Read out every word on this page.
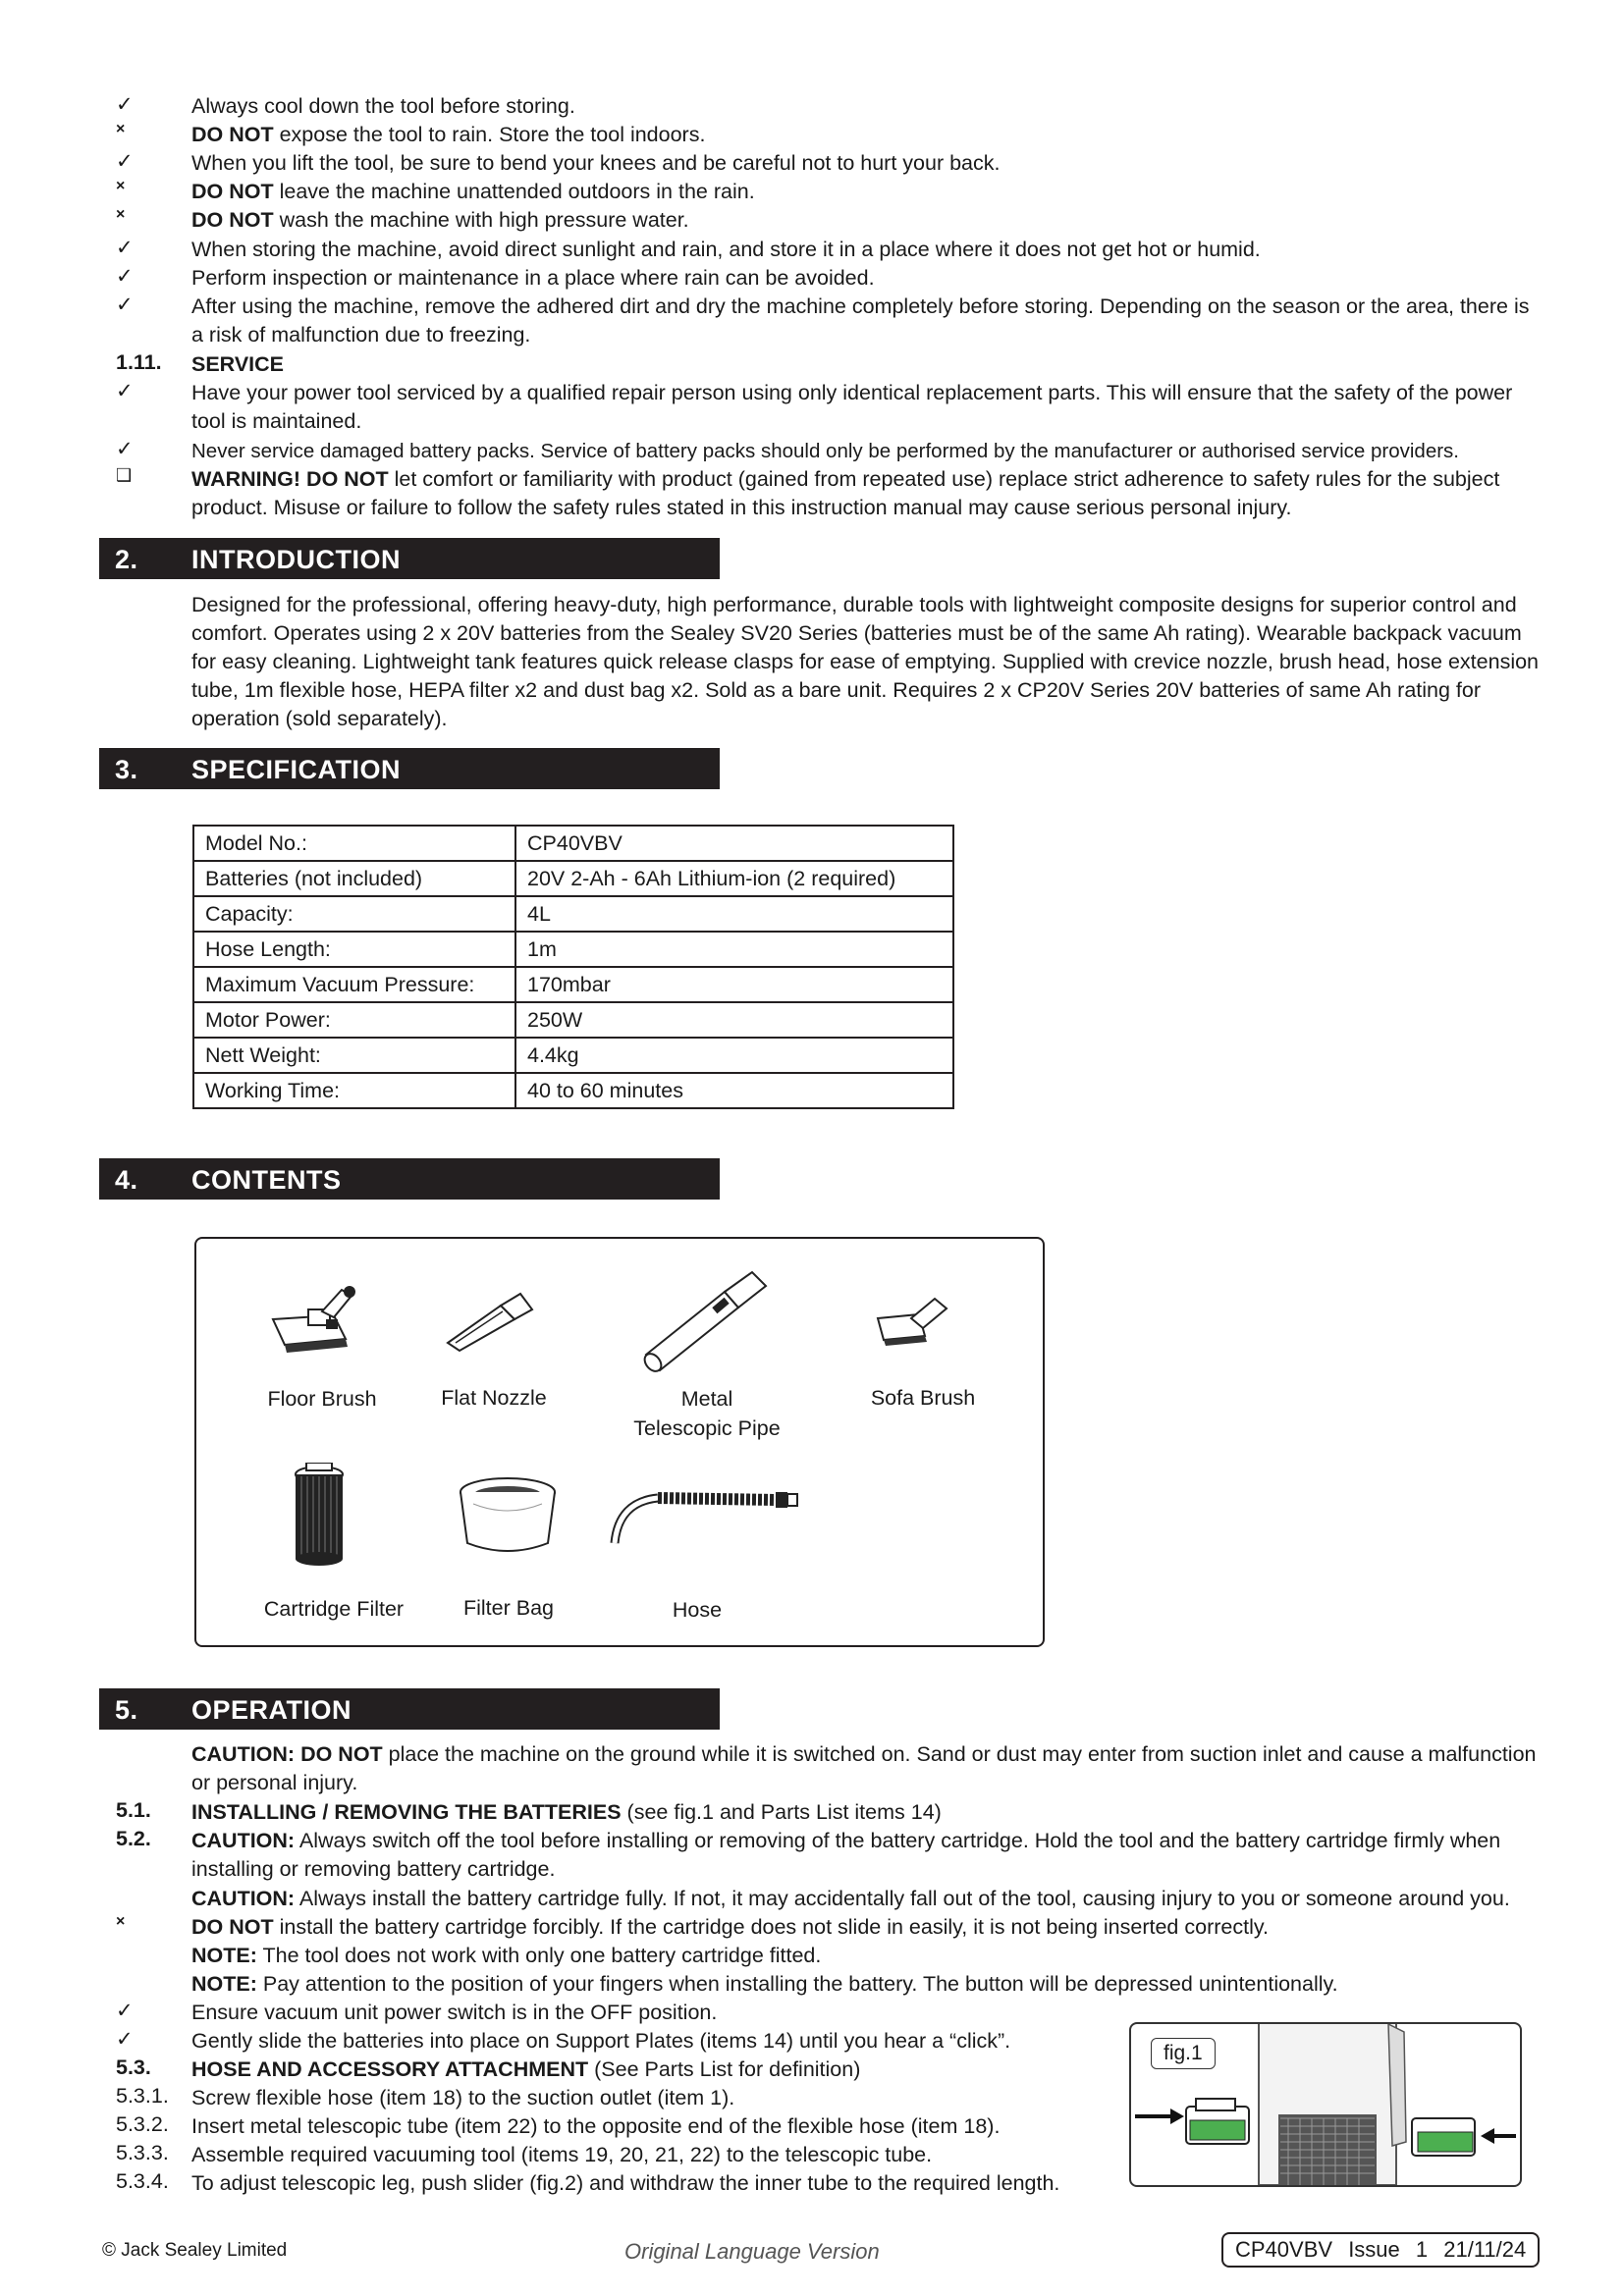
✓	Always cool down the tool before storing.
×	DO NOT expose the tool to rain. Store the tool indoors.
✓	When you lift the tool, be sure to bend your knees and be careful not to hurt your back.
×	DO NOT leave the machine unattended outdoors in the rain.
×	DO NOT wash the machine with high pressure water.
✓	When storing the machine, avoid direct sunlight and rain, and store it in a place where it does not get hot or humid.
✓	Perform inspection or maintenance in a place where rain can be avoided.
✓	After using the machine, remove the adhered dirt and dry the machine completely before storing. Depending on the season or the area, there is a risk of malfunction due to freezing.
1.11. SERVICE
✓	Have your power tool serviced by a qualified repair person using only identical replacement parts. This will ensure that the safety of the power tool is maintained.
✓	Never service damaged battery packs. Service of battery packs should only be performed by the manufacturer or authorised service providers.
❑	WARNING! DO NOT let comfort or familiarity with product (gained from repeated use) replace strict adherence to safety rules for the subject product. Misuse or failure to follow the safety rules stated in this instruction manual may cause serious personal injury.
2. INTRODUCTION
Designed for the professional, offering heavy-duty, high performance, durable tools with lightweight composite designs for superior control and comfort. Operates using 2 x 20V batteries from the Sealey SV20 Series (batteries must be of the same Ah rating). Wearable backpack vacuum for easy cleaning. Lightweight tank features quick release clasps for ease of emptying. Supplied with crevice nozzle, brush head, hose extension tube, 1m flexible hose, HEPA filter x2 and dust bag x2. Sold as a bare unit. Requires 2 x CP20V Series 20V batteries of same Ah rating for operation (sold separately).
3. SPECIFICATION
Model No.:	CP40VBV
Batteries (not included)	20V 2-Ah - 6Ah Lithium-ion (2 required)
Capacity:	4L
Hose Length:	1m
Maximum Vacuum Pressure:	170mbar
Motor Power:	250W
Nett Weight:	4.4kg
Working Time:	40 to 60 minutes
4. CONTENTS
Floor Brush	Flat Nozzle	Metal
Telescopic Pipe
Sofa Brush
Cartridge Filter	Filter Bag	Hose
5. OPERATION
CAUTION: DO NOT place the machine on the ground while it is switched on. Sand or dust may enter from suction inlet and cause a malfunction or personal injury.
5.1. INSTALLING / REMOVING THE BATTERIES (see fig.1 and Parts List items 14)
5.2. CAUTION: Always switch off the tool before installing or removing of the battery cartridge. Hold the tool and the battery cartridge firmly when installing or removing battery cartridge.
CAUTION: Always install the battery cartridge fully. If not, it may accidentally fall out of the tool, causing injury to you or someone around you.
×	DO NOT install the battery cartridge forcibly. If the cartridge does not slide in easily, it is not being inserted correctly.
NOTE: The tool does not work with only one battery cartridge fitted.
NOTE: Pay attention to the position of your fingers when installing the battery. The button will be depressed unintentionally.
✓	Ensure vacuum unit power switch is in the OFF position.
✓	Gently slide the batteries into place on Support Plates (items 14) until you hear a “click”.
5.3. HOSE AND ACCESSORY ATTACHMENT (See Parts List for definition)
5.3.1. Screw flexible hose (item 18) to the suction outlet (item 1).
5.3.2. Insert metal telescopic tube (item 22) to the opposite end of the flexible hose (item 18).
5.3.3. Assemble required vacuuming tool (items 19, 20, 21, 22) to the telescopic tube.
5.3.4. To adjust telescopic leg, push slider (fig.2) and withdraw the inner tube to the required length.
fig.1
© Jack Sealey Limited	Original Language Version	CP40VBV Issue 1 21/11/24
